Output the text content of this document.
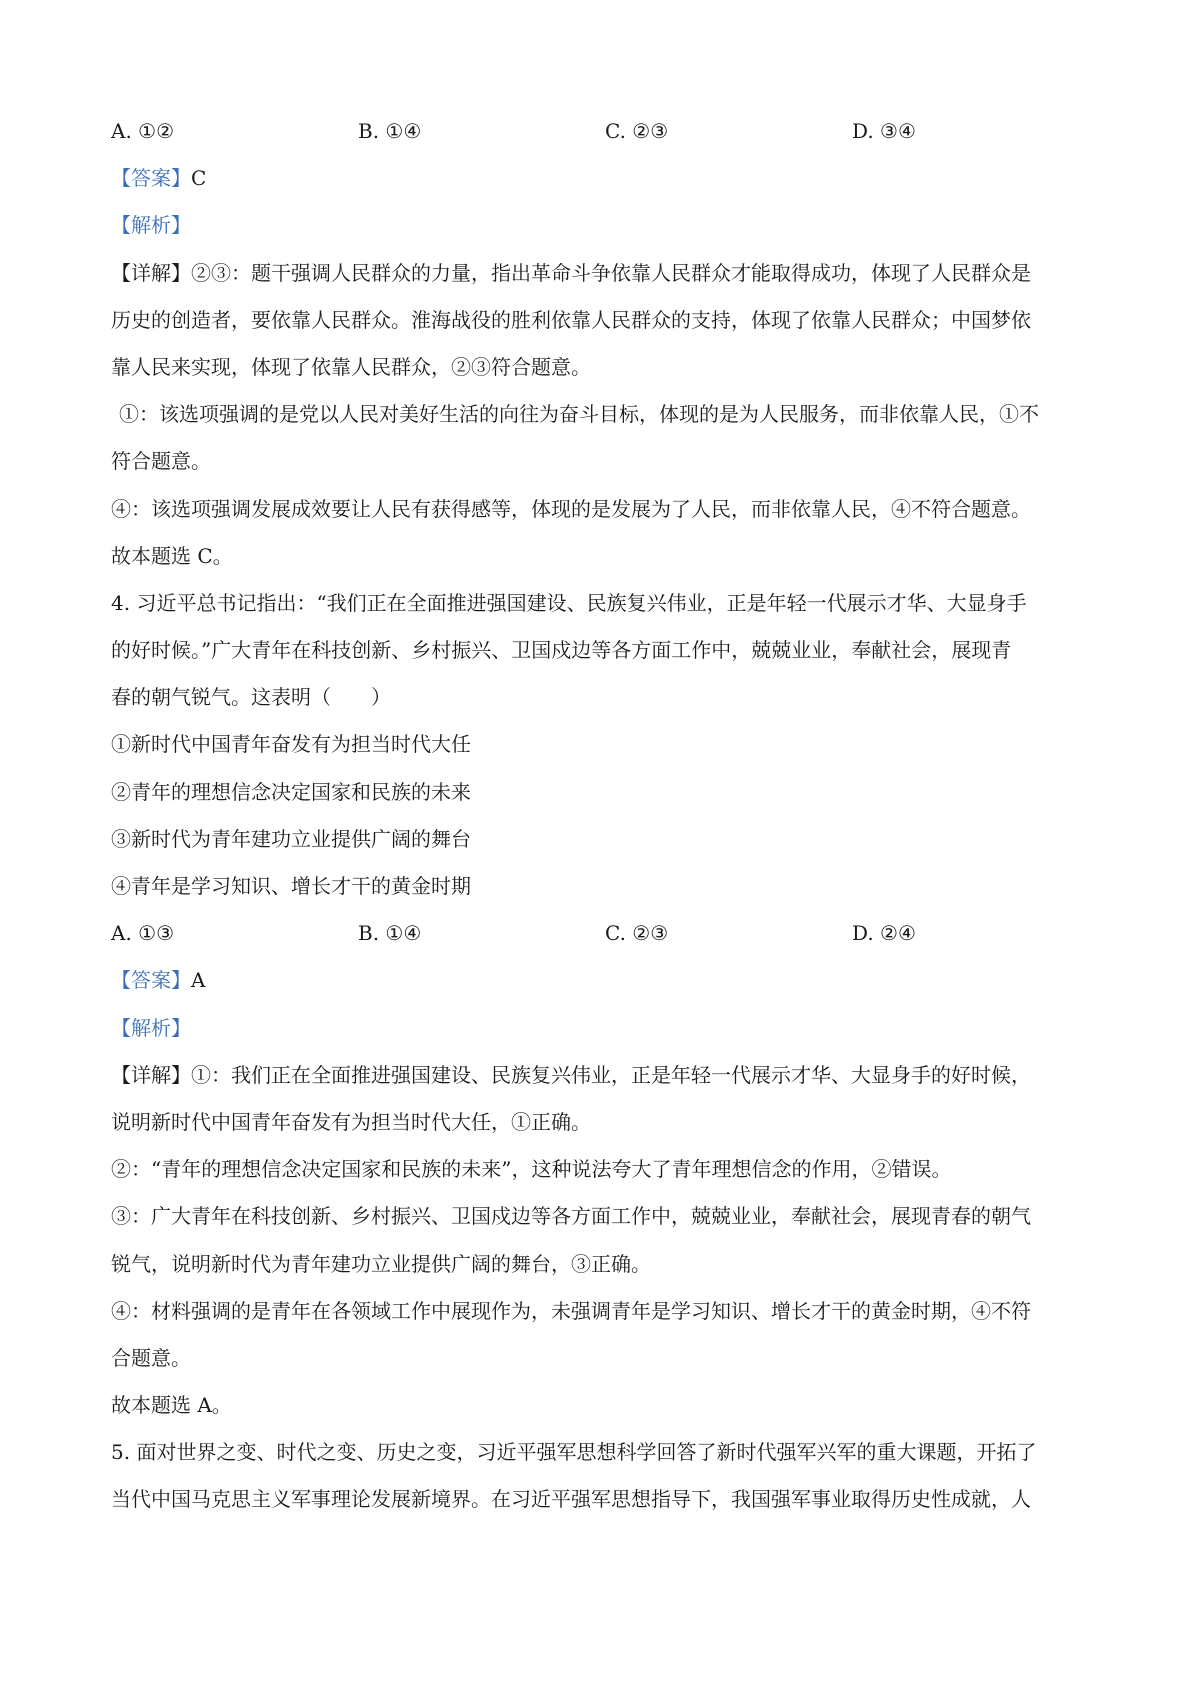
A. ①②	B. ①④	C. ②③	D. ③④
【答案】C
【解析】
【详解】②③：题干强调人民群众的力量，指出革命斗争依靠人民群众才能取得成功，体现了人民群众是
历史的创造者，要依靠人民群众。淮海战役的胜利依靠人民群众的支持，体现了依靠人民群众；中国梦依
靠人民来实现，体现了依靠人民群众，②③符合题意。
①：该选项强调的是党以人民对美好生活的向往为奋斗目标，体现的是为人民服务，而非依靠人民，①不
符合题意。
④：该选项强调发展成效要让人民有获得感等，体现的是发展为了人民，而非依靠人民，④不符合题意。
故本题选 C。
4. 习近平总书记指出：“我们正在全面推进强国建设、民族复兴伟业，正是年轻一代展示才华、大显身手
的好时候。”广大青年在科技创新、乡村振兴、卫国戍边等各方面工作中，兢兢业业，奉献社会，展现青
春的朝气锐气。这表明（　　）
①新时代中国青年奋发有为担当时代大任
②青年的理想信念决定国家和民族的未来
③新时代为青年建功立业提供广阔的舞台
④青年是学习知识、增长才干的黄金时期
A. ①③	B. ①④	C. ②③	D. ②④
【答案】A
【解析】
【详解】①：我们正在全面推进强国建设、民族复兴伟业，正是年轻一代展示才华、大显身手的好时候，
说明新时代中国青年奋发有为担当时代大任，①正确。
②：“青年的理想信念决定国家和民族的未来”，这种说法夸大了青年理想信念的作用，②错误。
③：广大青年在科技创新、乡村振兴、卫国戍边等各方面工作中，兢兢业业，奉献社会，展现青春的朝气
锐气，说明新时代为青年建功立业提供广阔的舞台，③正确。
④：材料强调的是青年在各领域工作中展现作为，未强调青年是学习知识、增长才干的黄金时期，④不符
合题意。
故本题选 A。
5. 面对世界之变、时代之变、历史之变，习近平强军思想科学回答了新时代强军兴军的重大课题，开拓了
当代中国马克思主义军事理论发展新境界。在习近平强军思想指导下，我国强军事业取得历史性成就，人
